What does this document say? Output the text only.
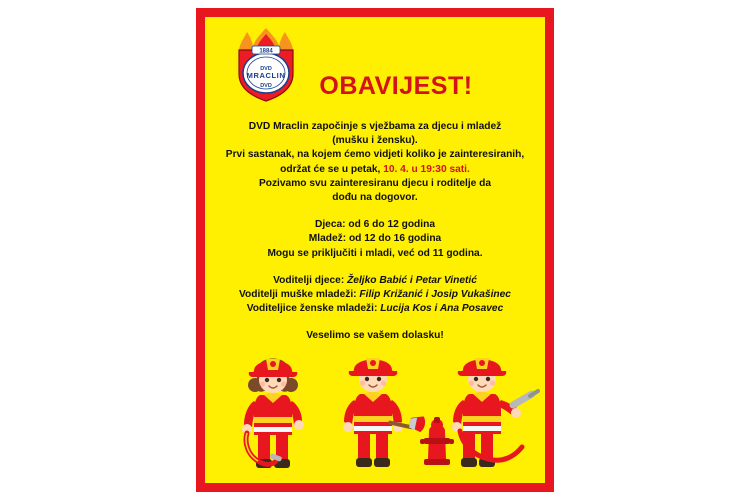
1884
DVD
MRACLIN
DVD	OBAVIJEST!
DVD Mraclin započinje s vježbama za djecu i mladež
(mušku i žensku).
Prvi sastanak, na kojem ćemo vidjeti koliko je zainteresiranih,
održat će se u petak, 10. 4. u 19:30 sati.
Pozivamo svu zainteresiranu djecu i roditelje da
dođu na dogovor.
Djeca: od 6 do 12 godina
Mladež: od 12 do 16 godina
Mogu se priključiti i mladi, već od 11 godina.
Voditelji djece: Željko Babić i Petar Vinetić
Voditelji muške mladeži: Filip Križanić i Josip Vukašinec
Voditeljice ženske mladeži: Lucija Kos i Ana Posavec
Veselimo se vašem dolasku!
